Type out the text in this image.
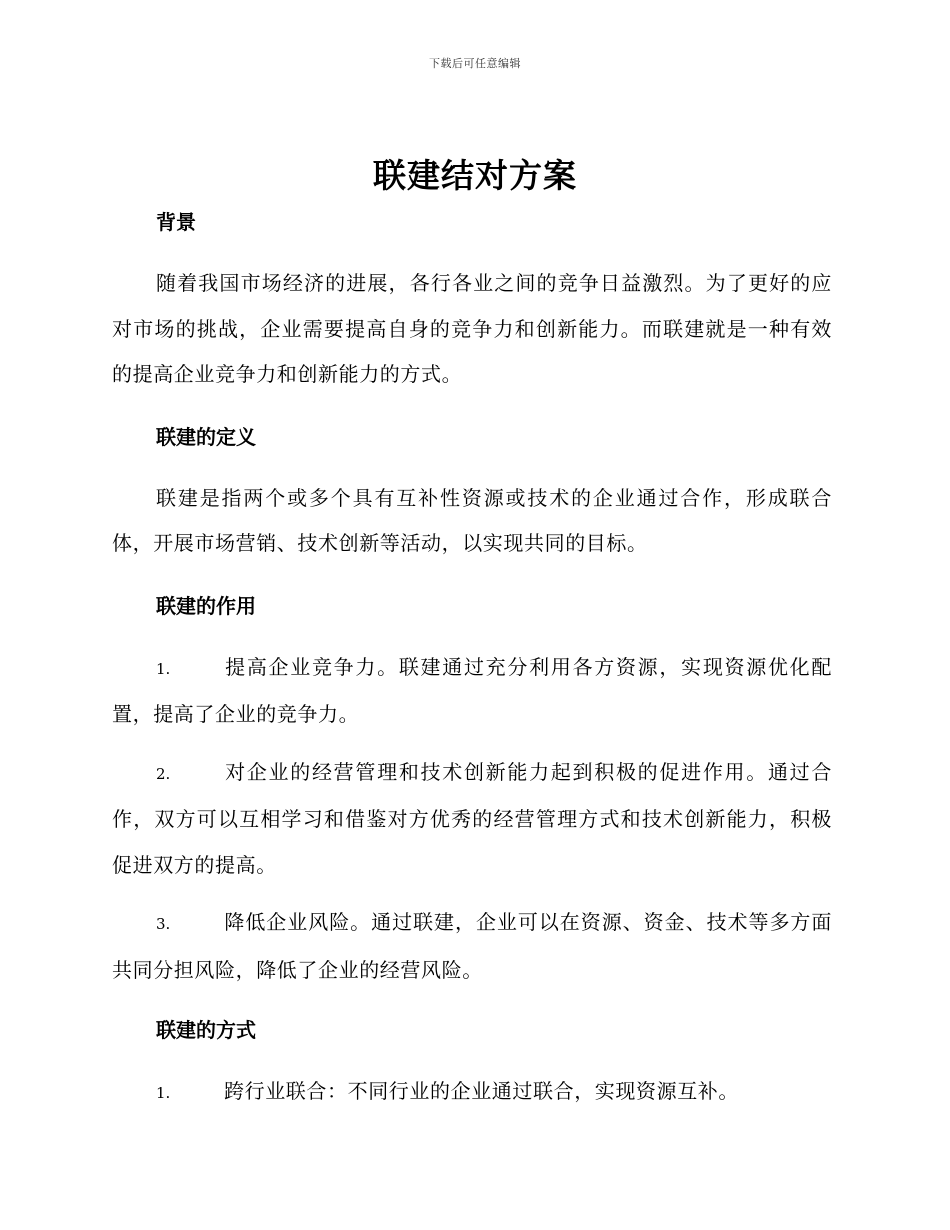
下载后可任意编辑
联建结对方案
背景

随着我国市场经济的进展，各行各业之间的竞争日益激烈。为了更好的应对市场的挑战，企业需要提高自身的竞争力和创新能力。而联建就是一种有效的提高企业竞争力和创新能力的方式。

联建的定义

联建是指两个或多个具有互补性资源或技术的企业通过合作，形成联合体，开展市场营销、技术创新等活动，以实现共同的目标。

联建的作用

1.	提高企业竞争力。联建通过充分利用各方资源，实现资源优化配置，提高了企业的竞争力。

2.	对企业的经营管理和技术创新能力起到积极的促进作用。通过合作，双方可以互相学习和借鉴对方优秀的经营管理方式和技术创新能力，积极促进双方的提高。

3.	降低企业风险。通过联建，企业可以在资源、资金、技术等多方面共同分担风险，降低了企业的经营风险。

联建的方式

1.	跨行业联合：不同行业的企业通过联合，实现资源互补。
